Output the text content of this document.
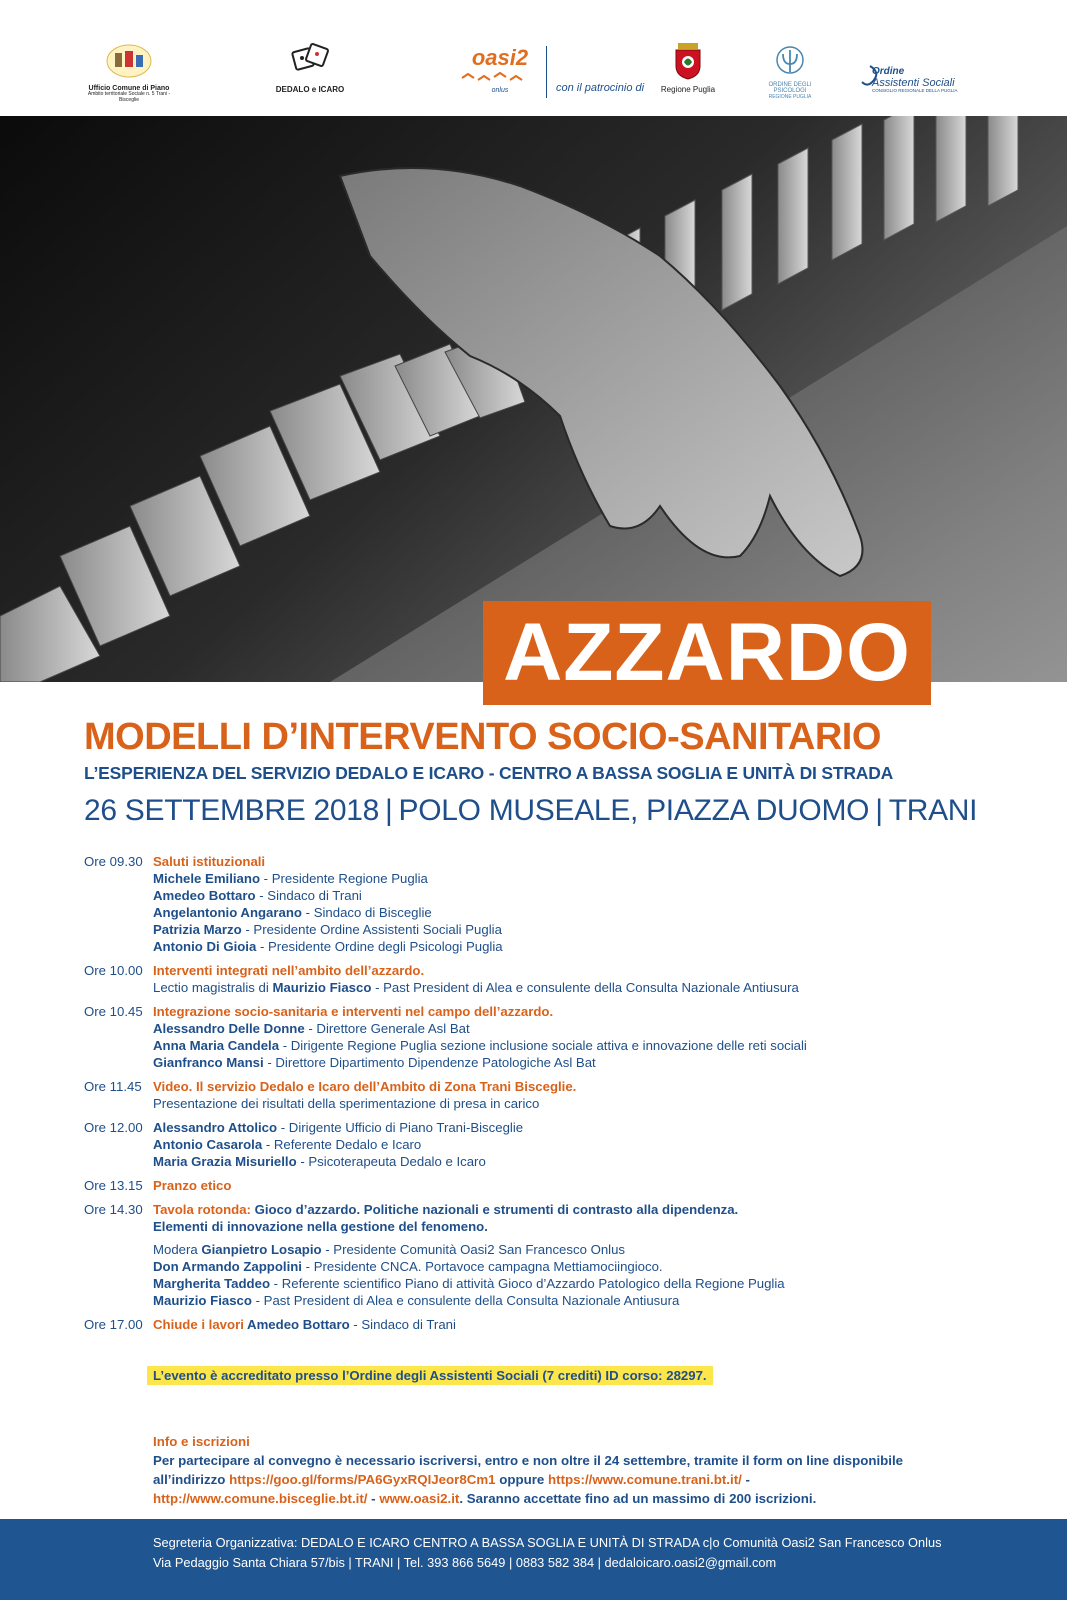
Ufficio Comune di Piano
Ambito territoriale Sociale n. 5 Trani - Bisceglie
DEDALO e ICARO
oasi2
onlus	con il patrocinio di	Regione Puglia	ORDINE DEGLI PSICOLOGI
REGIONE PUGLIA
Ordine
Assistenti Sociali
CONSIGLIO REGIONALE DELLA PUGLIA
AZZARDO
MODELLI D’INTERVENTO SOCIO-SANITARIO
L’ESPERIENZA DEL SERVIZIO DEDALO E ICARO - CENTRO A BASSA SOGLIA E UNITÀ DI STRADA
26 SETTEMBRE 2018 | POLO MUSEALE, PIAZZA DUOMO | TRANI
Ore 09.30 Saluti istituzionali
Michele Emiliano - Presidente Regione Puglia
Amedeo Bottaro - Sindaco di Trani
Angelantonio Angarano - Sindaco di Bisceglie
Patrizia Marzo - Presidente Ordine Assistenti Sociali Puglia
Antonio Di Gioia - Presidente Ordine degli Psicologi Puglia
Ore 10.00 Interventi integrati nell’ambito dell’azzardo.
Lectio magistralis di Maurizio Fiasco - Past President di Alea e consulente della Consulta Nazionale Antiusura
Ore 10.45 Integrazione socio-sanitaria e interventi nel campo dell’azzardo.
Alessandro Delle Donne - Direttore Generale Asl Bat
Anna Maria Candela - Dirigente Regione Puglia sezione inclusione sociale attiva e innovazione delle reti sociali
Gianfranco Mansi - Direttore Dipartimento Dipendenze Patologiche Asl Bat
Ore 11.45 Video. Il servizio Dedalo e Icaro dell’Ambito di Zona Trani Bisceglie.
Presentazione dei risultati della sperimentazione di presa in carico
Ore 12.00 Alessandro Attolico - Dirigente Ufficio di Piano Trani-Bisceglie
Antonio Casarola - Referente Dedalo e Icaro
Maria Grazia Misuriello - Psicoterapeuta Dedalo e Icaro
Ore 13.15 Pranzo etico
Ore 14.30 Tavola rotonda: Gioco d’azzardo. Politiche nazionali e strumenti di contrasto alla dipendenza.
Elementi di innovazione nella gestione del fenomeno.
Modera Gianpietro Losapio - Presidente Comunità Oasi2 San Francesco Onlus
Don Armando Zappolini - Presidente CNCA. Portavoce campagna Mettiamociingioco.
Margherita Taddeo - Referente scientifico Piano di attività Gioco d’Azzardo Patologico della Regione Puglia
Maurizio Fiasco - Past President di Alea e consulente della Consulta Nazionale Antiusura
Ore 17.00 Chiude i lavori Amedeo Bottaro - Sindaco di Trani
L’evento è accreditato presso l’Ordine degli Assistenti Sociali (7 crediti) ID corso: 28297.
Info e iscrizioni
Per partecipare al convegno è necessario iscriversi, entro e non oltre il 24 settembre, tramite il form on line disponibile
all’indirizzo https://goo.gl/forms/PA6GyxRQIJeor8Cm1 oppure https://www.comune.trani.bt.it/ -
http://www.comune.bisceglie.bt.it/ - www.oasi2.it. Saranno accettate fino ad un massimo di 200 iscrizioni.
Segreteria Organizzativa: DEDALO E ICARO CENTRO A BASSA SOGLIA E UNITÀ DI STRADA c|o Comunità Oasi2 San Francesco Onlus
Via Pedaggio Santa Chiara 57/bis | TRANI | Tel. 393 866 5649 | 0883 582 384 | dedaloicaro.oasi2@gmail.com
